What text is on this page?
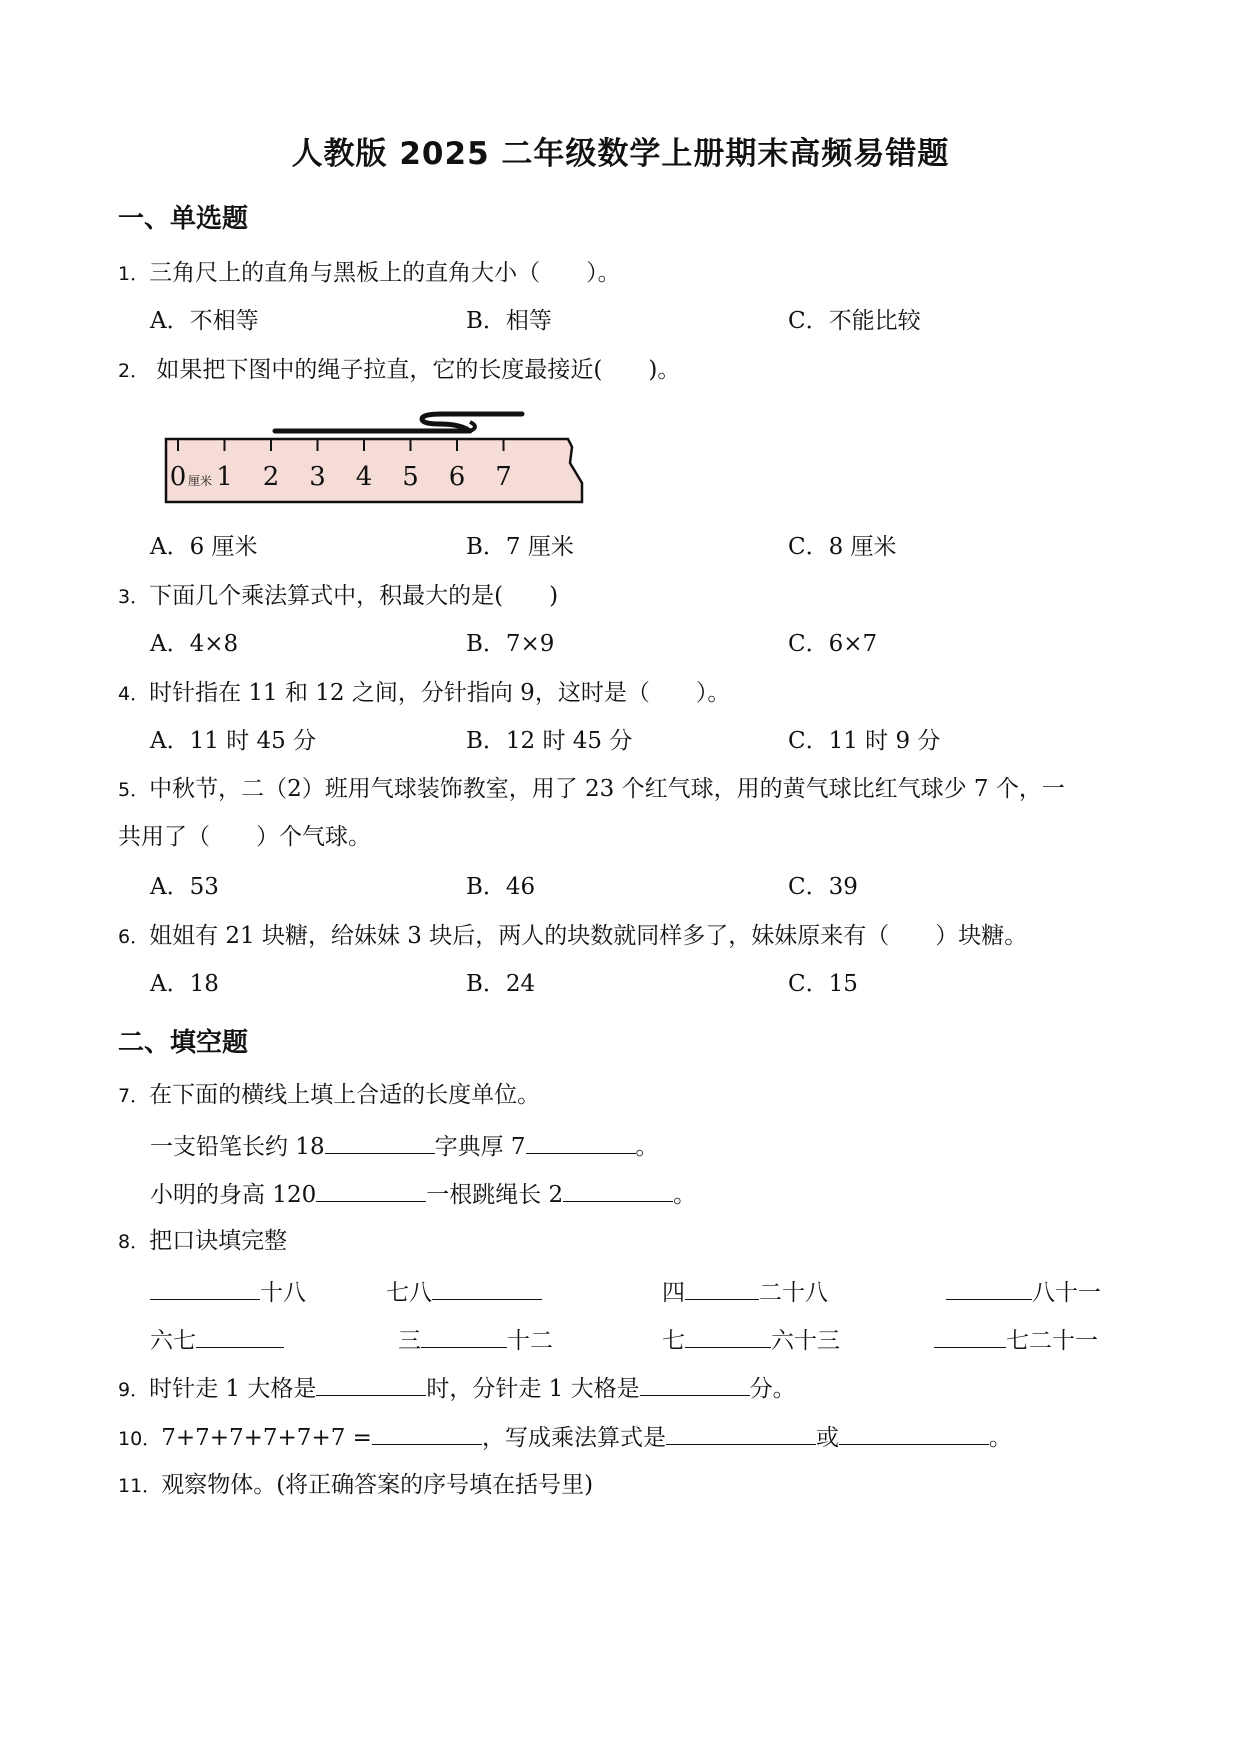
人教版 2025 二年级数学上册期末高频易错题
一、单选题
1．三角尺上的直角与黑板上的直角大小（　　）。
A．不相等	B．相等	C．不能比较
2． 如果把下图中的绳子拉直，它的长度最接近(　　)。
0 厘米 1 2 3 4 5 6 7
A．6 厘米	B．7 厘米	C．8 厘米
3．下面几个乘法算式中，积最大的是(　　)
A．4×8	B．7×9	C．6×7
4．时针指在 11 和 12 之间，分针指向 9，这时是（　　）。
A．11 时 45 分	B．12 时 45 分	C．11 时 9 分
5．中秋节，二（2）班用气球装饰教室，用了 23 个红气球，用的黄气球比红气球少 7 个，一
共用了（　　）个气球。
A．53	B．46	C．39
6．姐姐有 21 块糖，给妹妹 3 块后，两人的块数就同样多了，妹妹原来有（　　）块糖。
A．18	B．24	C．15
二、填空题
7．在下面的横线上填上合适的长度单位。
一支铅笔长约 18	字典厚 7	。
小明的身高 120	一根跳绳长 2	。
8．把口诀填完整
十八	七八	四	二十八	八十一
六七	三	十二	七	六十三	七二十一
9．时针走 1 大格是	时，分针走 1 大格是	分。
10．7+7+7+7+7+7 =	，写成乘法算式是	或	。
11．观察物体。(将正确答案的序号填在括号里)
